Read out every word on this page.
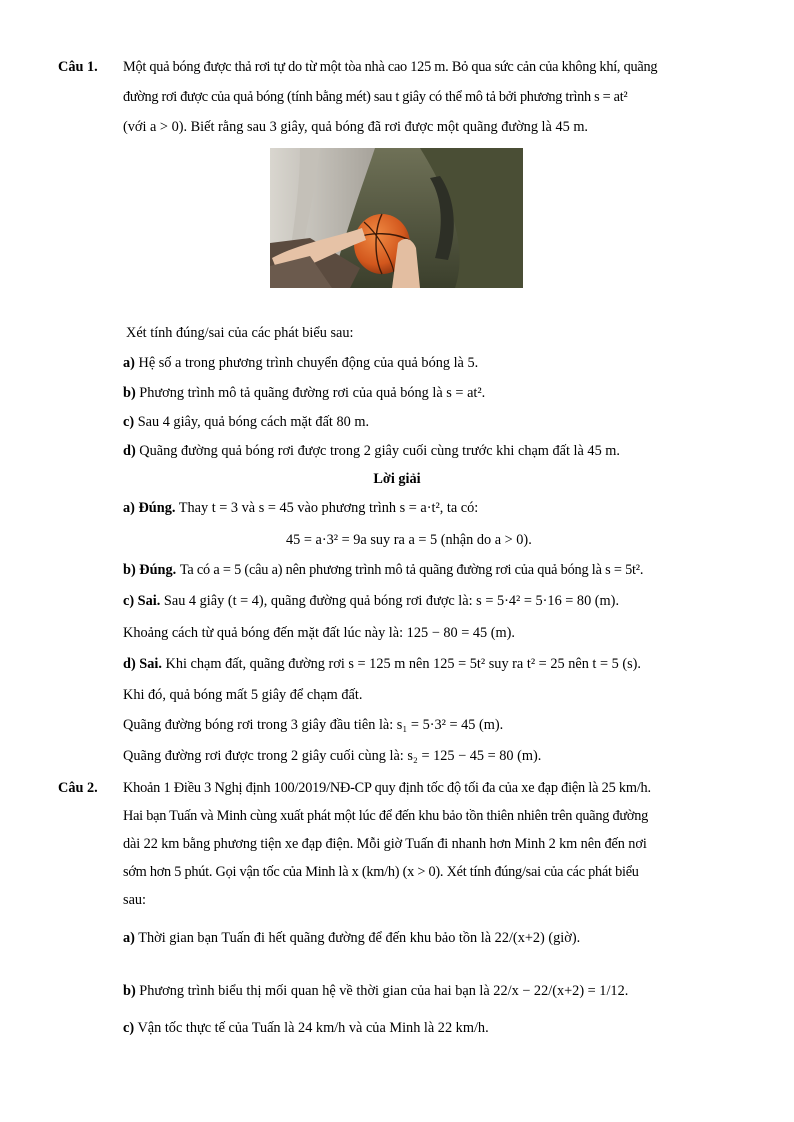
Câu 1. Một quả bóng được thả rơi tự do từ một tòa nhà cao 125 m. Bỏ qua sức cản của không khí, quãng
đường rơi được của quả bóng (tính bằng mét) sau t giây có thể mô tả bởi phương trình s = at²
(với a > 0). Biết rằng sau 3 giây, quả bóng đã rơi được một quãng đường là 45 m.
Xét tính đúng/sai của các phát biểu sau:
a) Hệ số a trong phương trình chuyển động của quả bóng là 5.
b) Phương trình mô tả quãng đường rơi của quả bóng là s = at².
c) Sau 4 giây, quả bóng cách mặt đất 80 m.
d) Quãng đường quả bóng rơi được trong 2 giây cuối cùng trước khi chạm đất là 45 m.
Lời giải
a) Đúng. Thay t = 3 và s = 45 vào phương trình s = a·t², ta có:
45 = a·3² = 9a suy ra a = 5 (nhận do a > 0).
b) Đúng. Ta có a = 5 (câu a) nên phương trình mô tả quãng đường rơi của quả bóng là s = 5t².
c) Sai. Sau 4 giây (t = 4), quãng đường quả bóng rơi được là: s = 5·4² = 5·16 = 80 (m).
Khoảng cách từ quả bóng đến mặt đất lúc này là: 125 − 80 = 45 (m).
d) Sai. Khi chạm đất, quãng đường rơi s = 125 m nên 125 = 5t² suy ra t² = 25 nên t = 5 (s).
Khi đó, quả bóng mất 5 giây để chạm đất.
Quãng đường bóng rơi trong 3 giây đầu tiên là: s₁ = 5·3² = 45 (m).
Quãng đường rơi được trong 2 giây cuối cùng là: s₂ = 125 − 45 = 80 (m).
Câu 2. Khoản 1 Điều 3 Nghị định 100/2019/NĐ-CP quy định tốc độ tối đa của xe đạp điện là 25 km/h.
Hai bạn Tuấn và Minh cùng xuất phát một lúc để đến khu bảo tồn thiên nhiên trên quãng đường
dài 22 km bằng phương tiện xe đạp điện. Mỗi giờ Tuấn đi nhanh hơn Minh 2 km nên đến nơi
sớm hơn 5 phút. Gọi vận tốc của Minh là x (km/h) (x > 0). Xét tính đúng/sai của các phát biểu
sau:
a) Thời gian bạn Tuấn đi hết quãng đường để đến khu bảo tồn là 22/(x+2) (giờ).
b) Phương trình biểu thị mối quan hệ về thời gian của hai bạn là 22/x − 22/(x+2) = 1/12.
c) Vận tốc thực tế của Tuấn là 24 km/h và của Minh là 22 km/h.
